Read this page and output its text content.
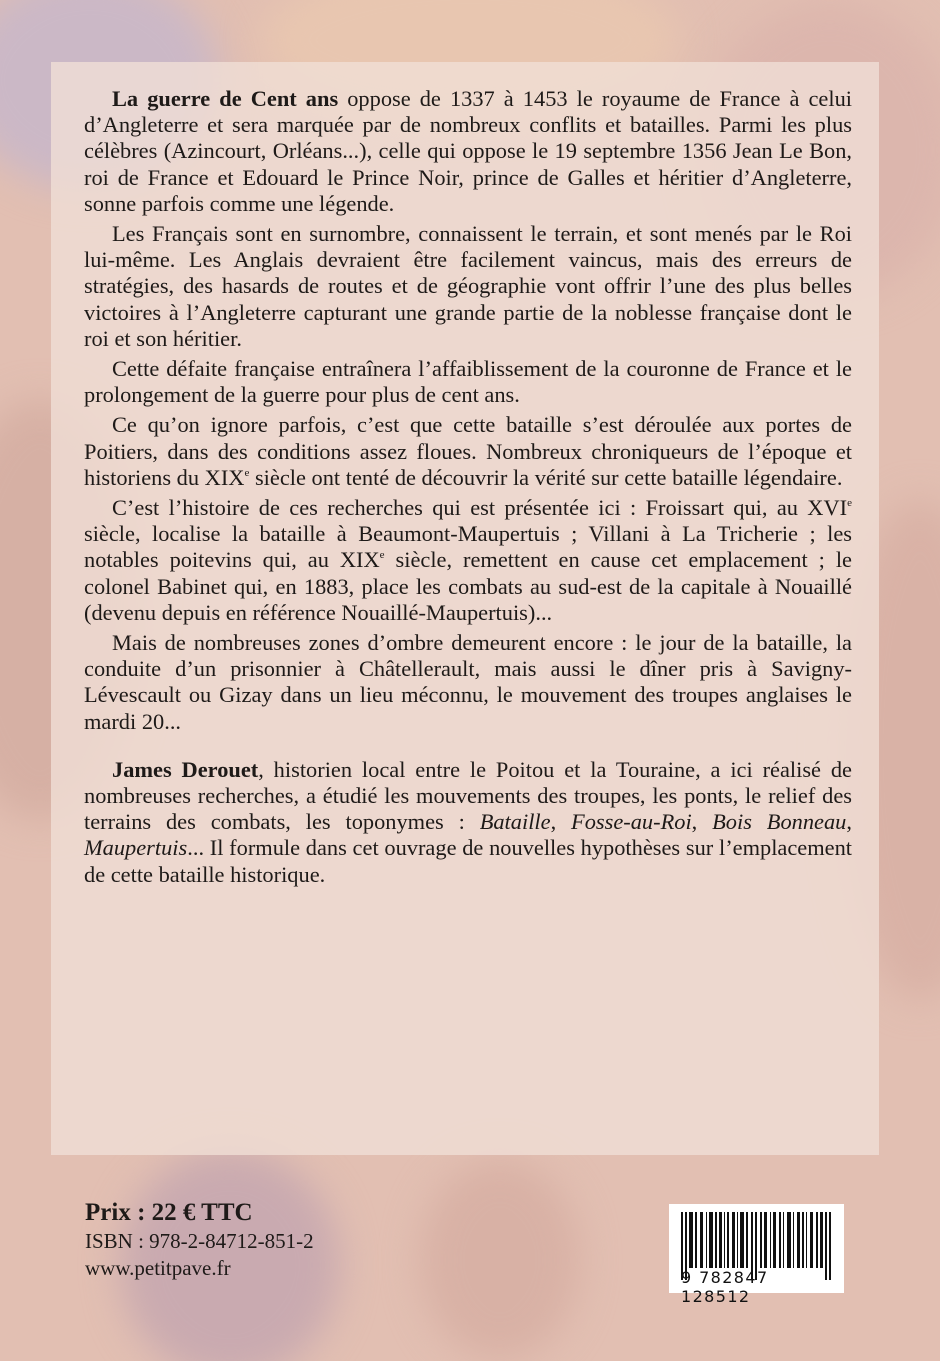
La guerre de Cent ans oppose de 1337 à 1453 le royaume de France à celui d’Angleterre et sera marquée par de nombreux conflits et batailles. Parmi les plus célèbres (Azincourt, Orléans...), celle qui oppose le 19 septembre 1356 Jean Le Bon, roi de France et Edouard le Prince Noir, prince de Galles et héritier d’Angleterre, sonne parfois comme une légende.

Les Français sont en surnombre, connaissent le terrain, et sont menés par le Roi lui-même. Les Anglais devraient être facilement vaincus, mais des erreurs de stratégies, des hasards de routes et de géographie vont offrir l’une des plus belles victoires à l’Angleterre capturant une grande partie de la noblesse française dont le roi et son héritier.

Cette défaite française entraînera l’affaiblissement de la couronne de France et le prolongement de la guerre pour plus de cent ans.

Ce qu’on ignore parfois, c’est que cette bataille s’est déroulée aux portes de Poitiers, dans des conditions assez floues. Nombreux chroniqueurs de l’époque et historiens du XIXe siècle ont tenté de découvrir la vérité sur cette bataille légendaire.

C’est l’histoire de ces recherches qui est présentée ici : Froissart qui, au XVIe siècle, localise la bataille à Beaumont-Maupertuis ; Villani à La Tricherie ; les notables poitevins qui, au XIXe siècle, remettent en cause cet emplacement ; le colonel Babinet qui, en 1883, place les combats au sud-est de la capitale à Nouaillé (devenu depuis en référence Nouaillé-Maupertuis)...

Mais de nombreuses zones d’ombre demeurent encore : le jour de la bataille, la conduite d’un prisonnier à Châtellerault, mais aussi le dîner pris à Savigny-Lévescault ou Gizay dans un lieu méconnu, le mouvement des troupes anglaises le mardi 20...

James Derouet, historien local entre le Poitou et la Touraine, a ici réalisé de nombreuses recherches, a étudié les mouvements des troupes, les ponts, le relief des terrains des combats, les toponymes : Bataille, Fosse-au-Roi, Bois Bonneau, Maupertuis... Il formule dans cet ouvrage de nouvelles hypothèses sur l’emplacement de cette bataille historique.

Prix : 22 € TTC
ISBN : 978-2-84712-851-2
www.petitpave.fr	9 782847 128512
